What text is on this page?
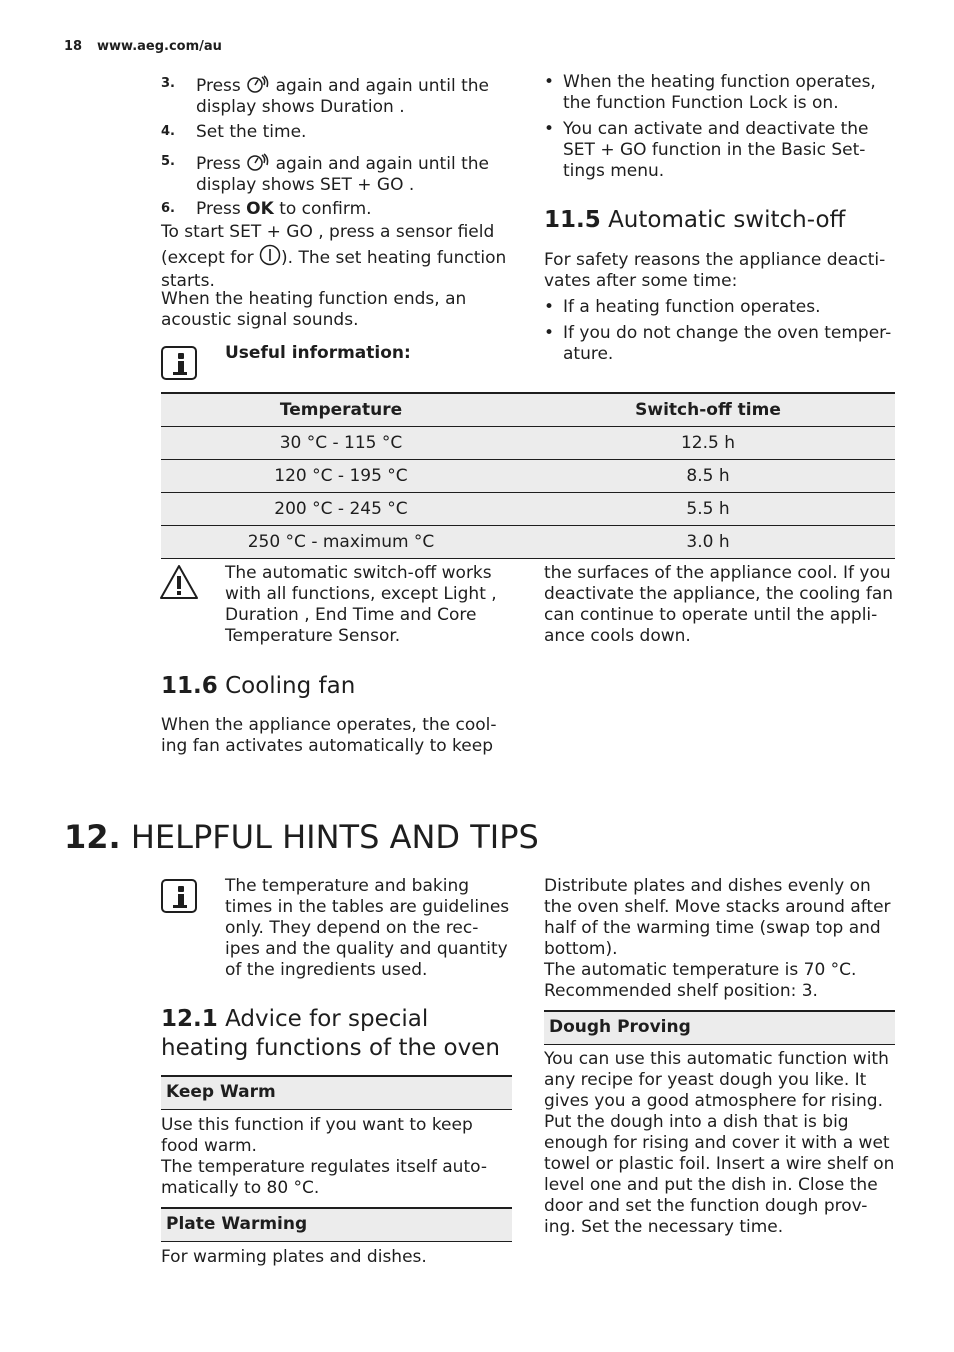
18 www.aeg.com/au
3. Press again and again until the display shows Duration .
4. Set the time.
5. Press again and again until the display shows SET + GO .
6. Press OK to confirm.
To start SET + GO , press a sensor field (except for ). The set heating function starts.
When the heating function ends, an acoustic signal sounds.
Useful information:
• When the heating function operates, the function Function Lock is on.
• You can activate and deactivate the SET + GO function in the Basic Set-tings menu.
11.5 Automatic switch-off
For safety reasons the appliance deacti-vates after some time:
• If a heating function operates.
• If you do not change the oven temper-ature.
Temperature	Switch-off time
30 °C - 115 °C	12.5 h
120 °C - 195 °C	8.5 h
200 °C - 245 °C	5.5 h
250 °C - maximum °C	3.0 h
The automatic switch-off works with all functions, except Light , Duration , End Time and Core Temperature Sensor.
the surfaces of the appliance cool. If you deactivate the appliance, the cooling fan can continue to operate until the appli-ance cools down.
11.6 Cooling fan
When the appliance operates, the cool-ing fan activates automatically to keep
12. HELPFUL HINTS AND TIPS
The temperature and baking times in the tables are guidelines only. They depend on the rec-ipes and the quality and quantity of the ingredients used.
12.1 Advice for special
heating functions of the oven
Keep Warm
Use this function if you want to keep food warm.
The temperature regulates itself auto-matically to 80 °C.
Plate Warming
For warming plates and dishes.
Distribute plates and dishes evenly on the oven shelf. Move stacks around after half of the warming time (swap top and bottom).
The automatic temperature is 70 °C.
Recommended shelf position: 3.
Dough Proving
You can use this automatic function with any recipe for yeast dough you like. It gives you a good atmosphere for rising. Put the dough into a dish that is big enough for rising and cover it with a wet towel or plastic foil. Insert a wire shelf on level one and put the dish in. Close the door and set the function dough prov-ing. Set the necessary time.
